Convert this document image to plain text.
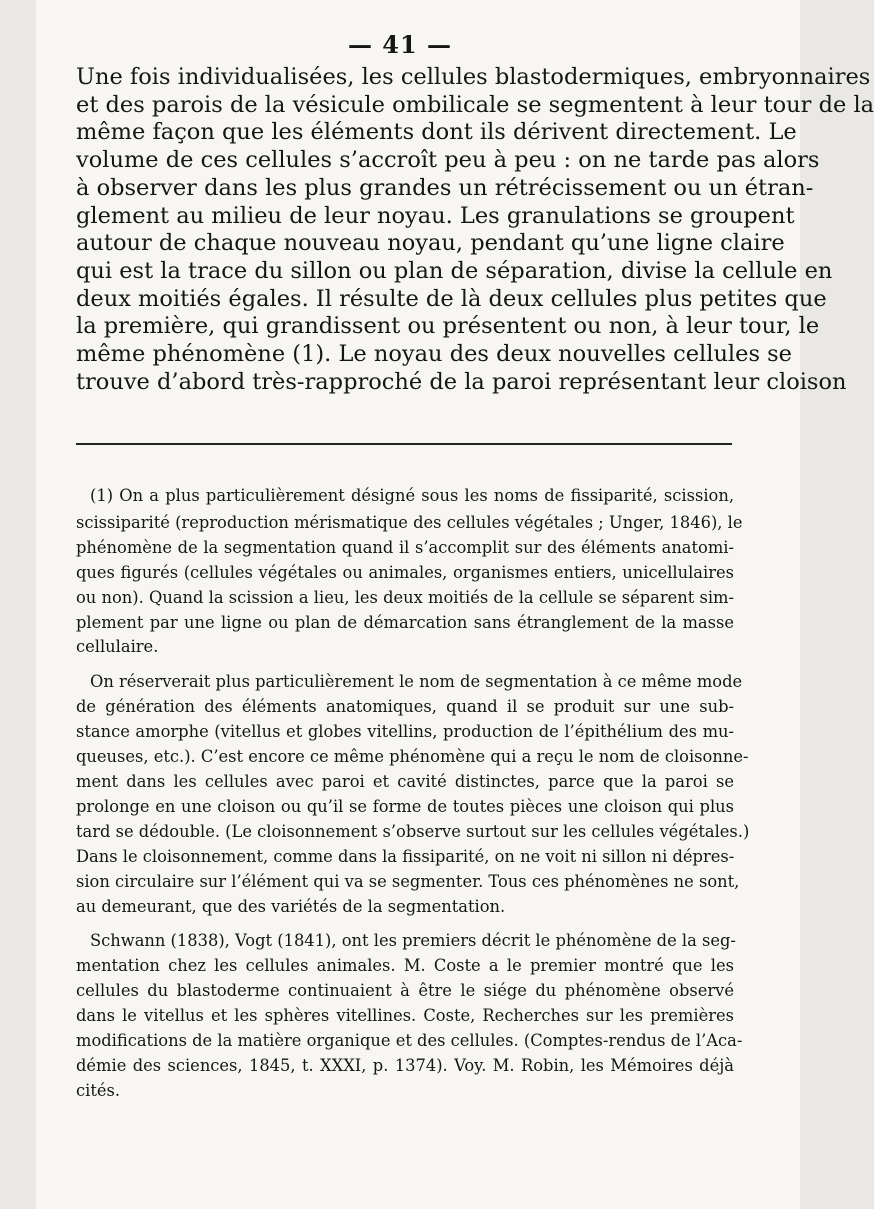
— 41 —
Une fois individualisées, les cellules blastodermiques, embryonnaires
et des parois de la vésicule ombilicale se segmentent à leur tour de la
même façon que les éléments dont ils dérivent directement. Le
volume de ces cellules s’accroît peu à peu : on ne tarde pas alors
à observer dans les plus grandes un rétrécissement ou un étran-
glement au milieu de leur noyau. Les granulations se groupent
autour de chaque nouveau noyau, pendant qu’une ligne claire
qui est la trace du sillon ou plan de séparation, divise la cellule en
deux moitiés égales. Il résulte de là deux cellules plus petites que
la première, qui grandissent ou présentent ou non, à leur tour, le
même phénomène (1). Le noyau des deux nouvelles cellules se
trouve d’abord très-rapproché de la paroi représentant leur cloison
(1) On a plus particulièrement désigné sous les noms de fissiparité, scission,
scissiparité (reproduction mérismatique des cellules végétales ; Unger, 1846), le
phénomène de la segmentation quand il s’accomplit sur des éléments anatomi-
ques figurés (cellules végétales ou animales, organismes entiers, unicellulaires
ou non). Quand la scission a lieu, les deux moitiés de la cellule se séparent sim-
plement par une ligne ou plan de démarcation sans étranglement de la masse
cellulaire.
On réserverait plus particulièrement le nom de segmentation à ce même mode
de génération des éléments anatomiques, quand il se produit sur une sub-
stance amorphe (vitellus et globes vitellins, production de l’épithélium des mu-
queuses, etc.). C’est encore ce même phénomène qui a reçu le nom de cloisonne-
ment dans les cellules avec paroi et cavité distinctes, parce que la paroi se
prolonge en une cloison ou qu’il se forme de toutes pièces une cloison qui plus
tard se dédouble. (Le cloisonnement s’observe surtout sur les cellules végétales.)
Dans le cloisonnement, comme dans la fissiparité, on ne voit ni sillon ni dépres-
sion circulaire sur l’élément qui va se segmenter. Tous ces phénomènes ne sont,
au demeurant, que des variétés de la segmentation.
Schwann (1838), Vogt (1841), ont les premiers décrit le phénomène de la seg-
mentation chez les cellules animales. M. Coste a le premier montré que les
cellules du blastoderme continuaient à être le siége du phénomène observé
dans le vitellus et les sphères vitellines. Coste, Recherches sur les premières
modifications de la matière organique et des cellules. (Comptes-rendus de l’Aca-
démie des sciences, 1845, t. XXXI, p. 1374). Voy. M. Robin, les Mémoires déjà
cités.
